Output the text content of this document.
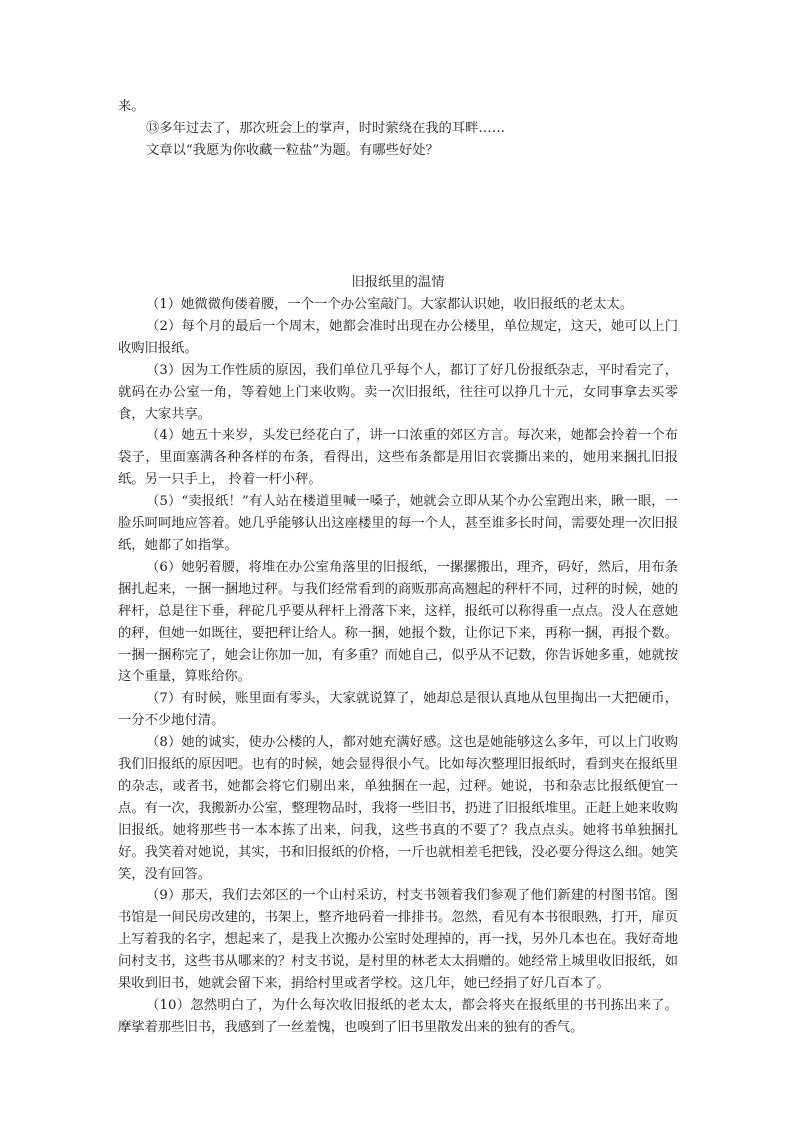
来。

⑬多年过去了，那次班会上的掌声，时时萦绕在我的耳畔……

文章以“我愿为你收藏一粒盐”为题。有哪些好处？

旧报纸里的温情

（1）她微微佝偻着腰，一个一个办公室敲门。大家都认识她，收旧报纸的老太太。

（2）每个月的最后一个周末，她都会准时出现在办公楼里，单位规定，这天，她可以上门收购旧报纸。

（3）因为工作性质的原因，我们单位几乎每个人，都订了好几份报纸杂志，平时看完了，就码在办公室一角，等着她上门来收购。卖一次旧报纸，往往可以挣几十元，女同事拿去买零食，大家共享。

（4）她五十来岁，头发已经花白了，讲一口浓重的郊区方言。每次来，她都会拎着一个布袋子，里面塞满各种各样的布条，看得出，这些布条都是用旧衣裳撕出来的，她用来捆扎旧报纸。另一只手上， 拎着一杆小秤。

（5）“卖报纸！”有人站在楼道里喊一嗓子，她就会立即从某个办公室跑出来，瞅一眼，一脸乐呵呵地应答着。她几乎能够认出这座楼里的每一个人，甚至谁多长时间，需要处理一次旧报纸，她都了如指掌。

（6）她躬着腰，将堆在办公室角落里的旧报纸，一摞摞搬出，理齐，码好，然后，用布条捆扎起来，一捆一捆地过秤。与我们经常看到的商贩那高高翘起的秤杆不同，过秤的时候，她的秤杆，总是往下垂，秤砣几乎要从秤杆上滑落下来，这样，报纸可以称得重一点点。没人在意她的秤，但她一如既往，要把秤让给人。称一捆，她报个数，让你记下来，再称一捆，再报个数。一捆一捆称完了，她会让你加一加，有多重？而她自己，似乎从不记数，你告诉她多重，她就按这个重量，算账给你。

（7）有时候，账里面有零头，大家就说算了，她却总是很认真地从包里掏出一大把硬币，一分不少地付清。

（8）她的诚实，使办公楼的人，都对她充满好感。这也是她能够这么多年，可以上门收购我们旧报纸的原因吧。也有的时候，她会显得很小气。比如每次整理旧报纸时，看到夹在报纸里的杂志，或者书，她都会将它们剔出来，单独捆在一起，过秤。她说，书和杂志比报纸便宜一点。有一次，我搬新办公室，整理物品时，我将一些旧书，扔进了旧报纸堆里。正赶上她来收购旧报纸。她将那些书一本本拣了出来，问我，这些书真的不要了？我点点头。她将书单独捆扎好。我笑着对她说，其实，书和旧报纸的价格，一斤也就相差毛把钱，没必要分得这么细。她笑笑，没有回答。

（9）那天，我们去郊区的一个山村采访，村支书领着我们参观了他们新建的村图书馆。图书馆是一间民房改建的，书架上，整齐地码着一排排书。忽然，看见有本书很眼熟，打开，扉页上写着我的名字，想起来了，是我上次搬办公室时处理掉的，再一找，另外几本也在。我好奇地问村支书，这些书从哪来的？村支书说，是村里的林老太太捐赠的。她经常上城里收旧报纸，如果收到旧书，她就会留下来，捐给村里或者学校。这几年，她已经捐了好几百本了。

（10）忽然明白了，为什么每次收旧报纸的老太太，都会将夹在报纸里的书刊拣出来了。摩挲着那些旧书，我感到了一丝羞愧，也嗅到了旧书里散发出来的独有的香气。
